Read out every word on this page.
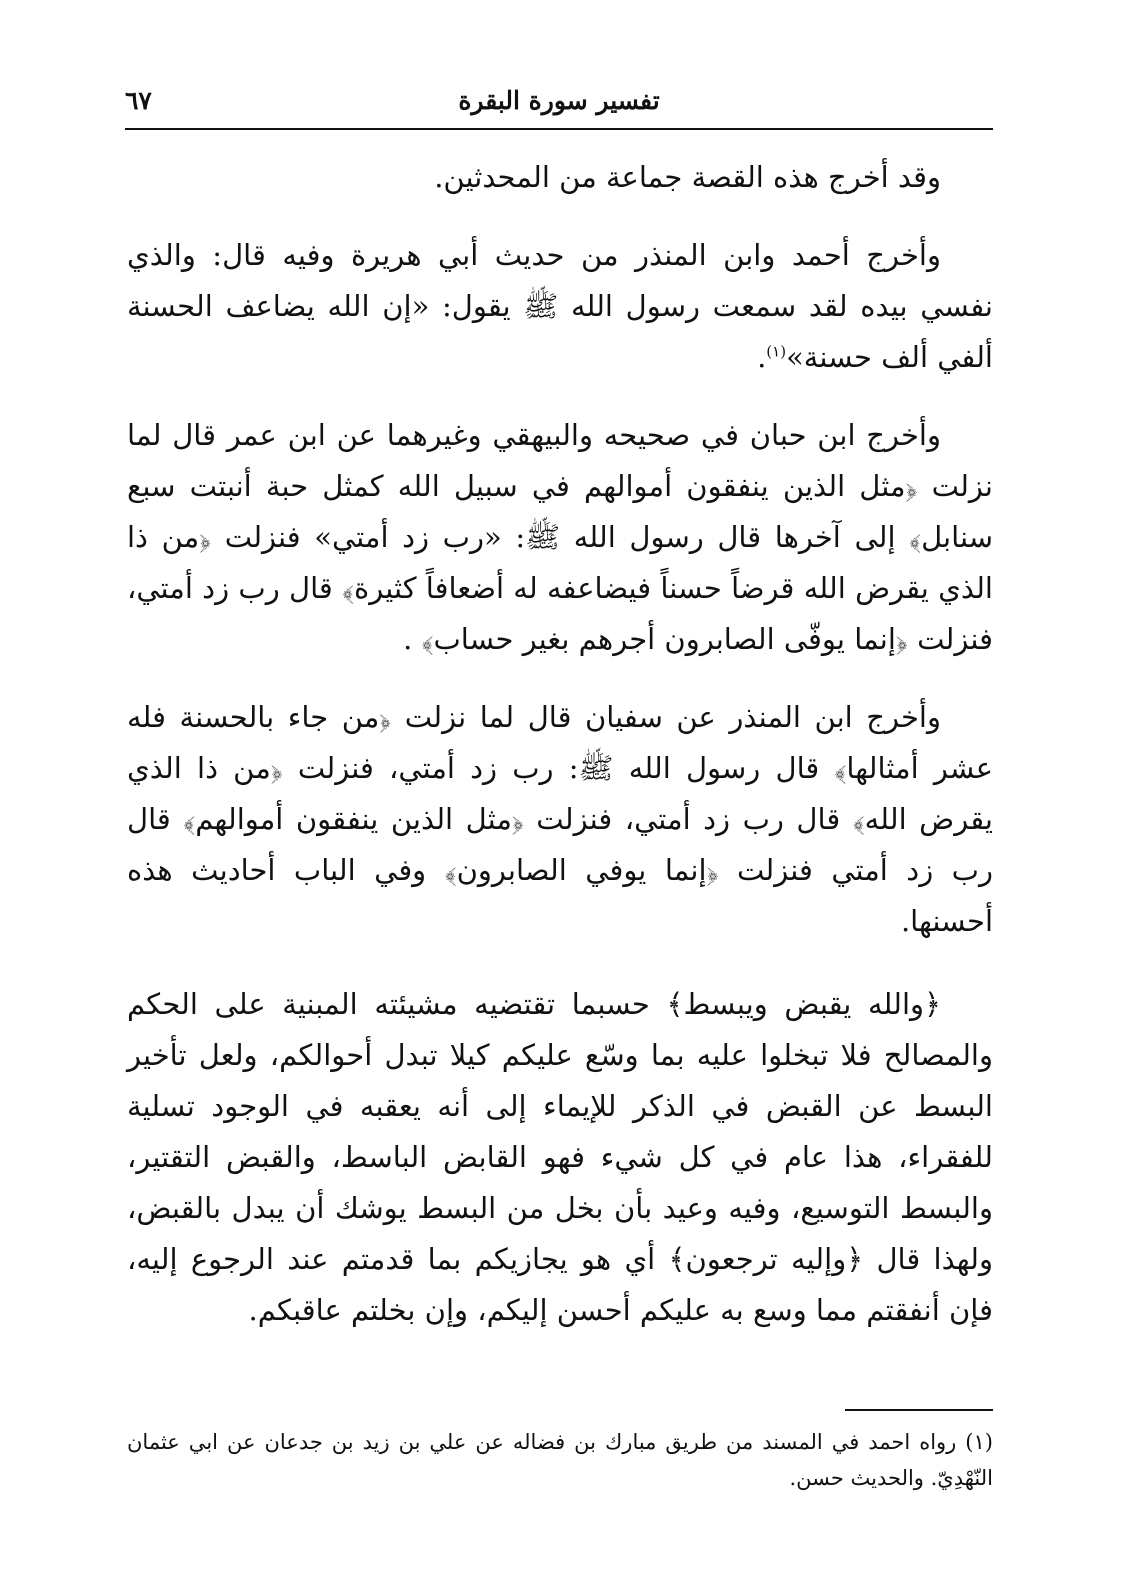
تفسير سورة البقرة
٦٧

وقد أخرج هذه القصة جماعة من المحدثين.

وأخرج أحمد وابن المنذر من حديث أبي هريرة وفيه قال: والذي نفسي بيده لقد سمعت رسول الله ﷺ يقول: «إن الله يضاعف الحسنة ألفي ألف حسنة»$^{(١)}$.

وأخرج ابن حبان في صحيحه والبيهقي وغيرهما عن ابن عمر قال لما نزلت ﴿مثل الذين ينفقون أموالهم في سبيل الله كمثل حبة أنبتت سبع سنابل﴾ إلى آخرها قال رسول الله ﷺ: «رب زد أمتي» فنزلت ﴿من ذا الذي يقرض الله قرضاً حسناً فيضاعفه له أضعافاً كثيرة﴾ قال رب زد أمتي، فنزلت ﴿إنما يوفّى الصابرون أجرهم بغير حساب﴾ .

وأخرج ابن المنذر عن سفيان قال لما نزلت ﴿من جاء بالحسنة فله عشر أمثالها﴾ قال رسول الله ﷺ: رب زد أمتي، فنزلت ﴿من ذا الذي يقرض الله﴾ قال رب زد أمتي، فنزلت ﴿مثل الذين ينفقون أموالهم﴾ قال رب زد أمتي فنزلت ﴿إنما يوفي الصابرون﴾ وفي الباب أحاديث هذه أحسنها.

﴿والله يقبض ويبسط﴾ حسبما تقتضيه مشيئته المبنية على الحكم والمصالح فلا تبخلوا عليه بما وسّع عليكم كيلا تبدل أحوالكم، ولعل تأخير البسط عن القبض في الذكر للإيماء إلى أنه يعقبه في الوجود تسلية للفقراء، هذا عام في كل شيء فهو القابض الباسط، والقبض التقتير، والبسط التوسيع، وفيه وعيد بأن بخل من البسط يوشك أن يبدل بالقبض، ولهذا قال ﴿وإليه ترجعون﴾ أي هو يجازيكم بما قدمتم عند الرجوع إليه، فإن أنفقتم مما وسع به عليكم أحسن إليكم، وإن بخلتم عاقبكم.

(١) رواه احمد في المسند من طريق مبارك بن فضاله عن علي بن زيد بن جدعان عن ابي عثمان النّهْدِيّ. والحديث حسن.
